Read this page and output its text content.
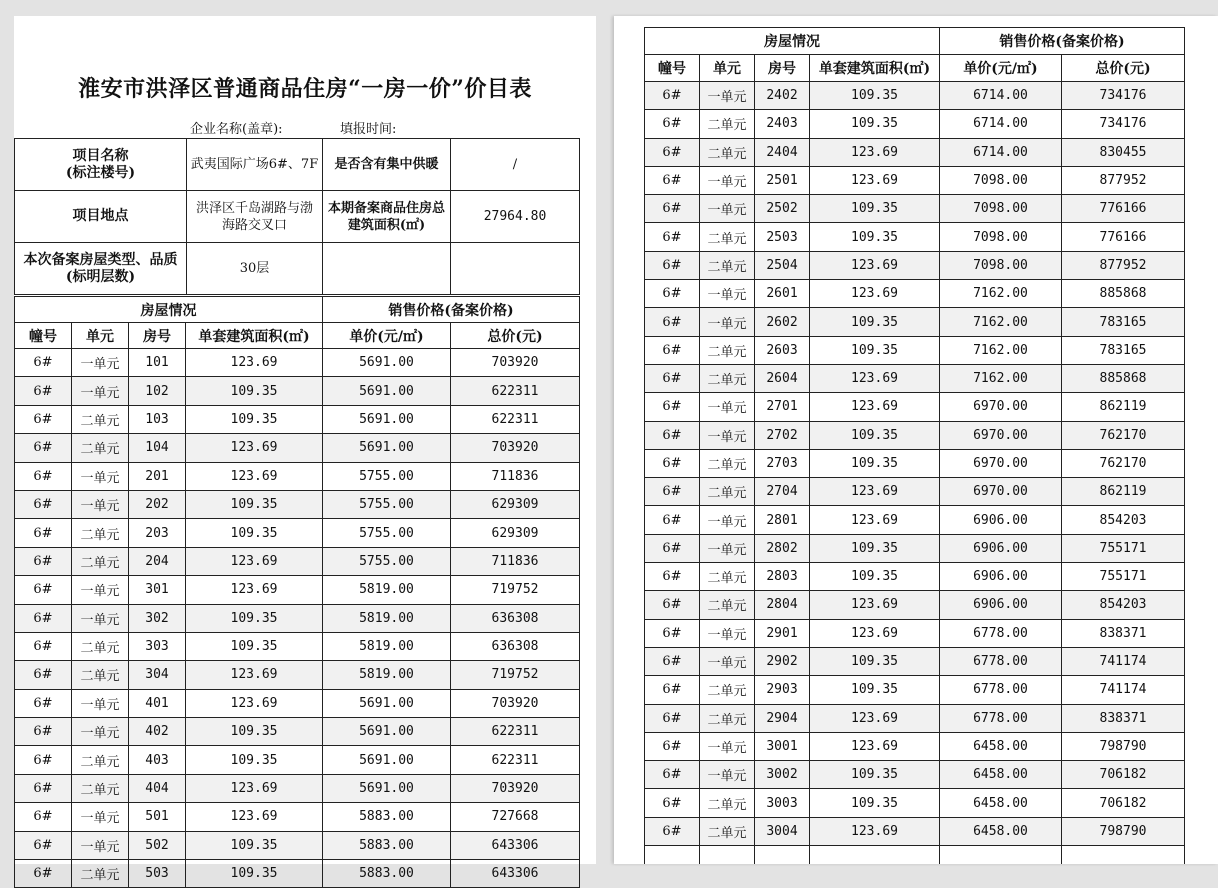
淮安市洪泽区普通商品住房“一房一价”价目表
企业名称(盖章):	填报时间:
项目名称
(标注楼号)	武夷国际广场6#、7F	是否含有集中供暖	/
项目地点	洪泽区千岛湖路与渤海路交叉口	本期备案商品住房总建筑面积(㎡)	27964.80
本次备案房屋类型、品质(标明层数)	30层		
房屋情况				销售价格(备案价格)	
幢号	单元	房号	单套建筑面积(㎡)	单价(元/㎡)	总价(元)
6#	一单元	101	123.69	5691.00	703920
6#	一单元	102	109.35	5691.00	622311
6#	二单元	103	109.35	5691.00	622311
6#	二单元	104	123.69	5691.00	703920
6#	一单元	201	123.69	5755.00	711836
6#	一单元	202	109.35	5755.00	629309
6#	二单元	203	109.35	5755.00	629309
6#	二单元	204	123.69	5755.00	711836
6#	一单元	301	123.69	5819.00	719752
6#	一单元	302	109.35	5819.00	636308
6#	二单元	303	109.35	5819.00	636308
6#	二单元	304	123.69	5819.00	719752
6#	一单元	401	123.69	5691.00	703920
6#	一单元	402	109.35	5691.00	622311
6#	二单元	403	109.35	5691.00	622311
6#	二单元	404	123.69	5691.00	703920
6#	一单元	501	123.69	5883.00	727668
6#	一单元	502	109.35	5883.00	643306
6#	二单元	503	109.35	5883.00	643306
房屋情况				销售价格(备案价格)	
幢号	单元	房号	单套建筑面积(㎡)	单价(元/㎡)	总价(元)
6#	一单元	2402	109.35	6714.00	734176
6#	二单元	2403	109.35	6714.00	734176
6#	二单元	2404	123.69	6714.00	830455
6#	一单元	2501	123.69	7098.00	877952
6#	一单元	2502	109.35	7098.00	776166
6#	二单元	2503	109.35	7098.00	776166
6#	二单元	2504	123.69	7098.00	877952
6#	一单元	2601	123.69	7162.00	885868
6#	一单元	2602	109.35	7162.00	783165
6#	二单元	2603	109.35	7162.00	783165
6#	二单元	2604	123.69	7162.00	885868
6#	一单元	2701	123.69	6970.00	862119
6#	一单元	2702	109.35	6970.00	762170
6#	二单元	2703	109.35	6970.00	762170
6#	二单元	2704	123.69	6970.00	862119
6#	一单元	2801	123.69	6906.00	854203
6#	一单元	2802	109.35	6906.00	755171
6#	二单元	2803	109.35	6906.00	755171
6#	二单元	2804	123.69	6906.00	854203
6#	一单元	2901	123.69	6778.00	838371
6#	一单元	2902	109.35	6778.00	741174
6#	二单元	2903	109.35	6778.00	741174
6#	二单元	2904	123.69	6778.00	838371
6#	一单元	3001	123.69	6458.00	798790
6#	一单元	3002	109.35	6458.00	706182
6#	二单元	3003	109.35	6458.00	706182
6#	二单元	3004	123.69	6458.00	798790
